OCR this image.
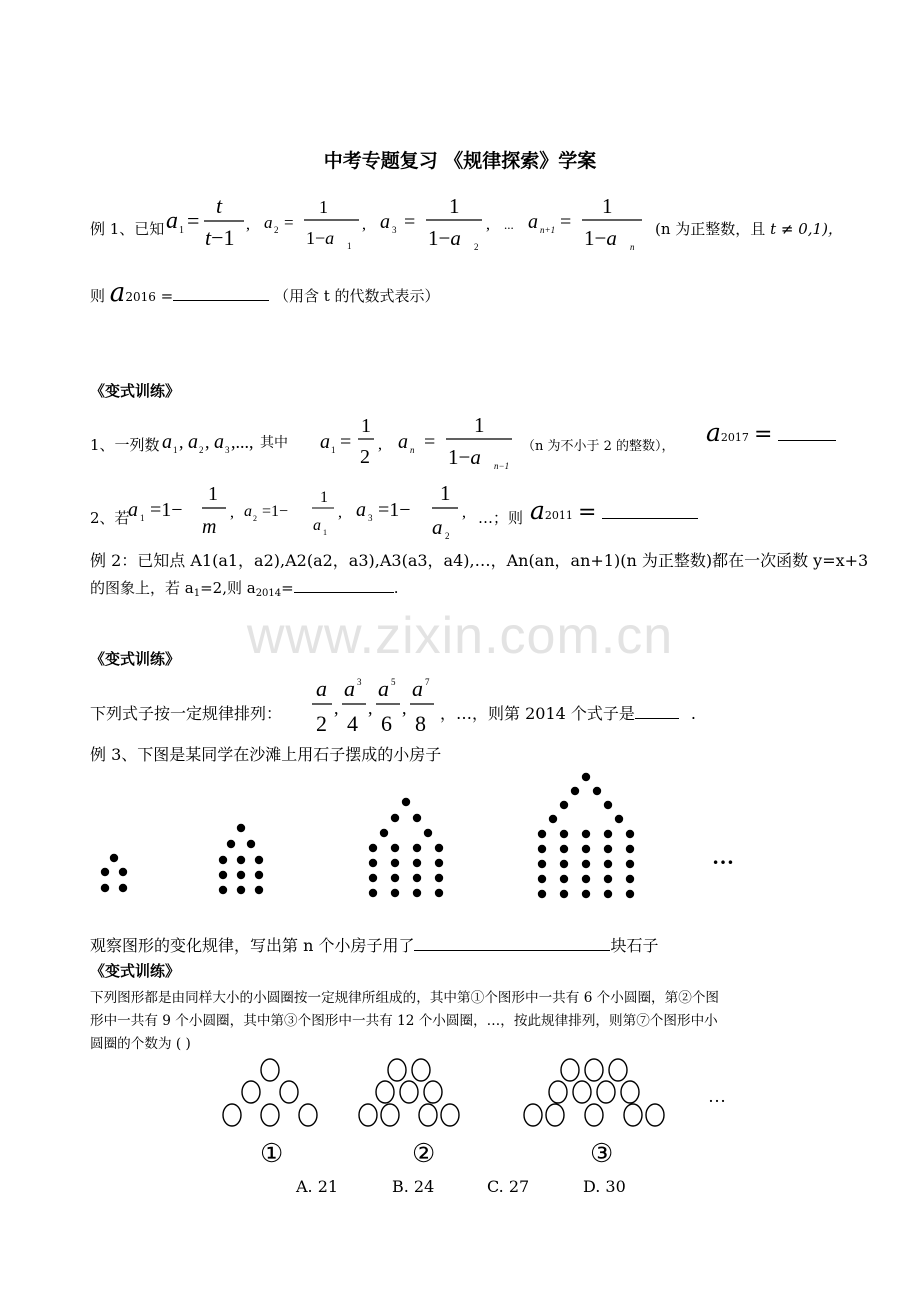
www.zixin.com.cn
中考专题复习 《规律探索》学案
例 1、已知 a 1 =
t
t−1
, a 2 =
1
1−a 1
, a 3 =
1
1−a 2
, ... a n+1 =
1
1−a n
(n 为正整数，且 t ≠ 0,1)，
则 a2016 =	（用含 t 的代数式表示）
《变式训练》
1、一列数 a 1 , a 2 , a 3 ,..., 其中 a 1 =
1
2
, a n =
1
1−a n−1
（n 为不小于 2 的整数）， a2017 =
2、若
a 1 =1−
1
m
, a 2 =1−
1
a 1
, a 3 =1−
1
a 2
, …；则 a2011 =
例 2：已知点 A1(a1，a2),A2(a2，a3),A3(a3，a4),…，An(an，an+1)(n 为正整数)都在一次函数 y=x+3
的图象上，若 $a_1=2$,则 $a_{2014}=$	.
《变式训练》
下列式子按一定规律排列：
a
2
,
a 3
4
,
a 5
6
,
a 7
8 ，…，则第 2014 个式子是	.
例 3、下图是某同学在沙滩上用石子摆成的小房子
…
观察图形的变化规律，写出第 n 个小房子用了	块石子
《变式训练》
下列图形都是由同样大小的小圆圈按一定规律所组成的，其中第①个图形中一共有 6 个小圆圈，第②个图
形中一共有 9 个小圆圈，其中第③个图形中一共有 12 个小圆圈，…，按此规律排列，则第⑦个图形中小
圆圈的个数为 ( )
…
①	②	③
A. 21	B. 24	C. 27	D. 30
